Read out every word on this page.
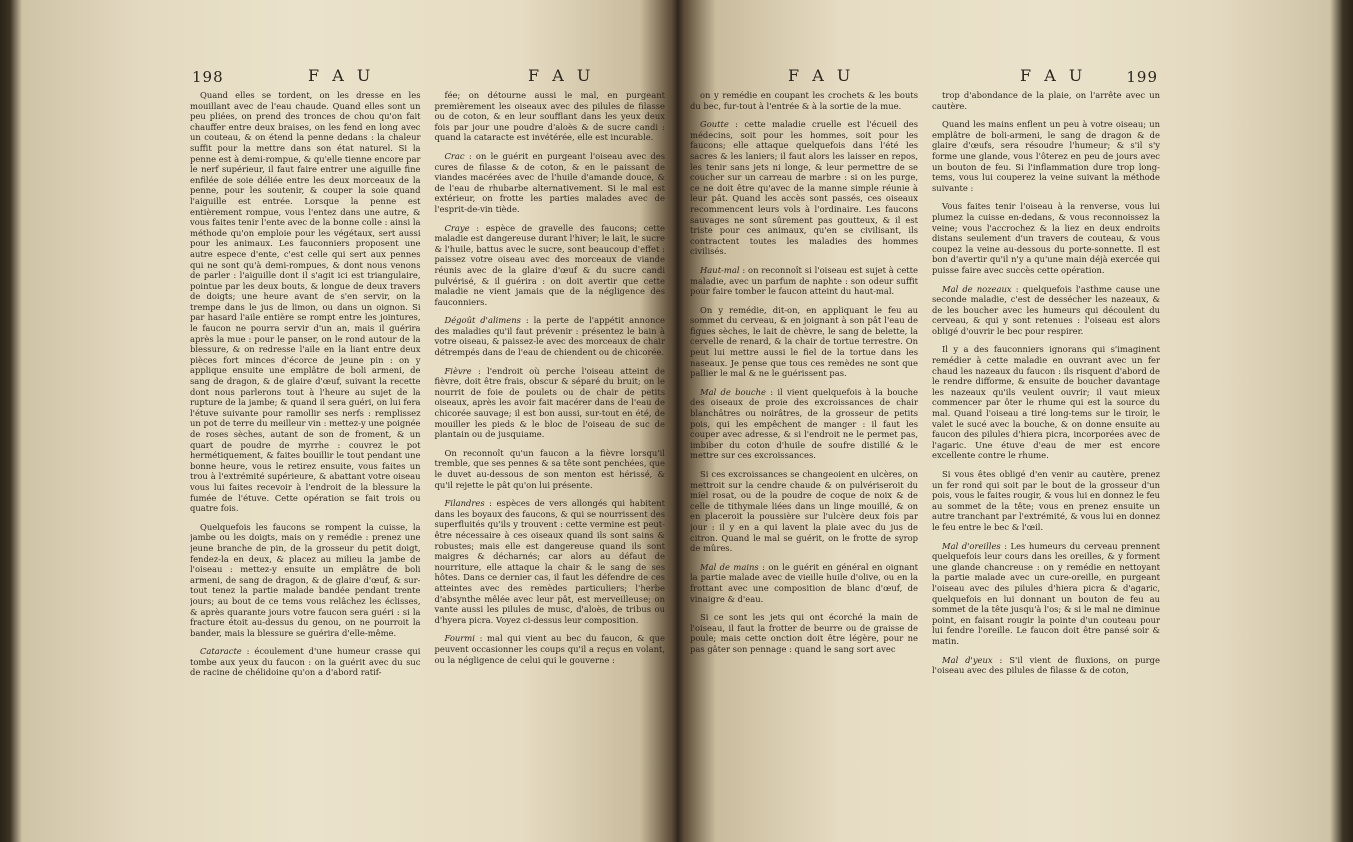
198	F A U	F A U

Quand elles se tordent, on les dresse en les mouillant avec de l'eau chaude. Quand elles sont un peu pliées, on prend des tronces de chou qu'on fait chauffer entre deux braises, on les fend en long avec un couteau, & on étend la penne dedans : la chaleur suffit pour la mettre dans son état naturel. Si la penne est à demi-rompue, & qu'elle tienne encore par le nerf supérieur, il faut faire entrer une aiguille fine enfilée de soie déliée entre les deux morceaux de la penne, pour les soutenir, & couper la soie quand l'aiguille est entrée. Lorsque la penne est entièrement rompue, vous l'entez dans une autre, & vous faites tenir l'ente avec de la bonne colle : ainsi la méthode qu'on emploie pour les végétaux, sert aussi pour les animaux. Les fauconniers proposent une autre espece d'ente, c'est celle qui sert aux pennes qui ne sont qu'à demi-rompues, & dont nous venons de parler : l'aiguille dont il s'agit ici est triangulaire, pointue par les deux bouts, & longue de deux travers de doigts; une heure avant de s'en servir, on la trempe dans le jus de limon, ou dans un oignon. Si par hasard l'aile entière se rompt entre les jointures, le faucon ne pourra servir d'un an, mais il guérira après la mue : pour le panser, on le rond autour de la blessure, & on redresse l'aile en la liant entre deux pièces fort minces d'écorce de jeune pin : on y applique ensuite une emplâtre de boli armeni, de sang de dragon, & de glaire d'œuf, suivant la recette dont nous parlerons tout à l'heure au sujet de la rupture de la jambe; & quand il sera guéri, on lui fera l'étuve suivante pour ramollir ses nerfs : remplissez un pot de terre du meilleur vin : mettez-y une poignée de roses sèches, autant de son de froment, & un quart de poudre de myrrhe : couvrez le pot hermétiquement, & faites bouillir le tout pendant une bonne heure, vous le retirez ensuite, vous faites un trou à l'extrémité supérieure, & abattant votre oiseau vous lui faites recevoir à l'endroit de la blessure la fumée de l'étuve. Cette opération se fait trois ou quatre fois.

Quelquefois les faucons se rompent la cuisse, la jambe ou les doigts, mais on y remédie : prenez une jeune branche de pin, de la grosseur du petit doigt, fendez-la en deux, & placez au milieu la jambe de l'oiseau : mettez-y ensuite un emplâtre de boli armeni, de sang de dragon, & de glaire d'œuf, & sur-tout tenez la partie malade bandée pendant trente jours; au bout de ce tems vous relâchez les éclisses, & après quarante jours votre faucon sera guéri : si la fracture étoit au-dessus du genou, on ne pourroit la bander, mais la blessure se guérira d'elle-même.

Cataracte : écoulement d'une humeur crasse qui tombe aux yeux du faucon : on la guérit avec du suc de racine de chélidoine qu'on a d'abord ratif-

fée; on détourne aussi le mal, en purgeant premièrement les oiseaux avec des pilules de filasse ou de coton, & en leur soufflant dans les yeux deux fois par jour une poudre d'aloès & de sucre candi : quand la cataracte est invétérée, elle est incurable.

Crac : on le guérit en purgeant l'oiseau avec des cures de filasse & de coton, & en le paissant de viandes macérées avec de l'huile d'amande douce, & de l'eau de rhubarbe alternativement. Si le mal est extérieur, on frotte les parties malades avec de l'esprit-de-vin tiède.

Craye : espèce de gravelle des faucons; cette maladie est dangereuse durant l'hiver; le lait, le sucre & l'huile, battus avec le sucre, sont beaucoup d'effet : paissez votre oiseau avec des morceaux de viande réunis avec de la glaire d'œuf & du sucre candi pulvérisé, & il guérira : on doit avertir que cette maladie ne vient jamais que de la négligence des fauconniers.

Dégoût d'alimens : la perte de l'appétit annonce des maladies qu'il faut prévenir : présentez le bain à votre oiseau, & paissez-le avec des morceaux de chair détrempés dans de l'eau de chiendent ou de chicorée.

Fièvre : l'endroit où perche l'oiseau atteint de fièvre, doit être frais, obscur & séparé du bruit; on le nourrit de foie de poulets ou de chair de petits oiseaux, après les avoir fait macérer dans de l'eau de chicorée sauvage; il est bon aussi, sur-tout en été, de mouiller les pieds & le bloc de l'oiseau de suc de plantain ou de jusquiame.

On reconnoît qu'un faucon a la fièvre lorsqu'il tremble, que ses pennes & sa tête sont penchées, que le duvet au-dessous de son menton est hérissé, & qu'il rejette le pât qu'on lui présente.

Filandres : espèces de vers allongés qui habitent dans les boyaux des faucons, & qui se nourrissent des superfluités qu'ils y trouvent : cette vermine est peut-être nécessaire à ces oiseaux quand ils sont sains & robustes; mais elle est dangereuse quand ils sont maigres & décharnés; car alors au défaut de nourriture, elle attaque la chair & le sang de ses hôtes. Dans ce dernier cas, il faut les défendre de ces atteintes avec des remèdes particuliers; l'herbe d'absynthe mêlée avec leur pât, est merveilleuse; on vante aussi les pilules de musc, d'aloès, de tribus ou d'hyera picra. Voyez ci-dessus leur composition.

Fourmi : mal qui vient au bec du faucon, & que peuvent occasionner les coups qu'il a reçus en volant, ou la négligence de celui qui le gouverne :

F A U	F A U	199

on y remédie en coupant les crochets & les bouts du bec, fur-tout à l'entrée & à la sortie de la mue.

Goutte : cette maladie cruelle est l'écueil des médecins, soit pour les hommes, soit pour les faucons; elle attaque quelquefois dans l'été les sacres & les laniers; il faut alors les laisser en repos, les tenir sans jets ni longe, & leur permettre de se coucher sur un carreau de marbre : si on les purge, ce ne doit être qu'avec de la manne simple réunie à leur pât. Quand les accès sont passés, ces oiseaux recommencent leurs vols à l'ordinaire. Les faucons sauvages ne sont sûrement pas goutteux, & il est triste pour ces animaux, qu'en se civilisant, ils contractent toutes les maladies des hommes civilisés.

Haut-mal : on reconnoît si l'oiseau est sujet à cette maladie, avec un parfum de naphte : son odeur suffit pour faire tomber le faucon atteint du haut-mal.

On y remédie, dit-on, en appliquant le feu au sommet du cerveau, & en joignant à son pât l'eau de figues sèches, le lait de chèvre, le sang de belette, la cervelle de renard, & la chair de tortue terrestre. On peut lui mettre aussi le fiel de la tortue dans les naseaux. Je pense que tous ces remèdes ne sont que pallier le mal & ne le guérissent pas.

Mal de bouche : il vient quelquefois à la bouche des oiseaux de proie des excroissances de chair blanchâtres ou noirâtres, de la grosseur de petits pois, qui les empêchent de manger : il faut les couper avec adresse, & si l'endroit ne le permet pas, imbiber du coton d'huile de soufre distillé & le mettre sur ces excroissances.

Si ces excroissances se changeoient en ulcères, on mettroit sur la cendre chaude & on pulvériseroit du miel rosat, ou de la poudre de coque de noix & de celle de tithymale liées dans un linge mouillé, & on en placeroit la poussière sur l'ulcère deux fois par jour : il y en a qui lavent la plaie avec du jus de citron. Quand le mal se guérit, on le frotte de syrop de mûres.

Mal de mains : on le guérit en général en oignant la partie malade avec de vieille huile d'olive, ou en la frottant avec une composition de blanc d'œuf, de vinaigre & d'eau.

Si ce sont les jets qui ont écorché la main de l'oiseau, il faut la frotter de beurre ou de graisse de poule; mais cette onction doit être légère, pour ne pas gâter son pennage : quand le sang sort avec

trop d'abondance de la plaie, on l'arrête avec un cautère.

Quand les mains enflent un peu à votre oiseau; un emplâtre de boli-armeni, le sang de dragon & de glaire d'œufs, sera résoudre l'humeur; & s'il s'y forme une glande, vous l'ôterez en peu de jours avec un bouton de feu. Si l'inflammation dure trop long-tems, vous lui couperez la veine suivant la méthode suivante :

Vous faites tenir l'oiseau à la renverse, vous lui plumez la cuisse en-dedans, & vous reconnoissez la veine; vous l'accrochez & la liez en deux endroits distans seulement d'un travers de couteau, & vous coupez la veine au-dessous du porte-sonnette. Il est bon d'avertir qu'il n'y a qu'une main déjà exercée qui puisse faire avec succès cette opération.

Mal de nozeaux : quelquefois l'asthme cause une seconde maladie, c'est de dessécher les nazeaux, & de les boucher avec les humeurs qui découlent du cerveau, & qui y sont retenues : l'oiseau est alors obligé d'ouvrir le bec pour respirer.

Il y a des fauconniers ignorans qui s'imaginent remédier à cette maladie en ouvrant avec un fer chaud les nazeaux du faucon : ils risquent d'abord de le rendre difforme, & ensuite de boucher davantage les nazeaux qu'ils veulent ouvrir; il vaut mieux commencer par ôter le rhume qui est la source du mal. Quand l'oiseau a tiré long-tems sur le tiroir, le valet le sucé avec la bouche, & on donne ensuite au faucon des pilules d'hiera picra, incorporées avec de l'agaric. Une étuve d'eau de mer est encore excellente contre le rhume.

Si vous êtes obligé d'en venir au cautère, prenez un fer rond qui soit par le bout de la grosseur d'un pois, vous le faites rougir, & vous lui en donnez le feu au sommet de la tête; vous en prenez ensuite un autre tranchant par l'extrémité, & vous lui en donnez le feu entre le bec & l'œil.

Mal d'oreilles : Les humeurs du cerveau prennent quelquefois leur cours dans les oreilles, & y forment une glande chancreuse : on y remédie en nettoyant la partie malade avec un cure-oreille, en purgeant l'oiseau avec des pilules d'hiera picra & d'agaric, quelquefois en lui donnant un bouton de feu au sommet de la tête jusqu'à l'os; & si le mal ne diminue point, en faisant rougir la pointe d'un couteau pour lui fendre l'oreille. Le faucon doit être pansé soir & matin.

Mal d'yeux : S'il vient de fluxions, on purge l'oiseau avec des pilules de filasse & de coton,
